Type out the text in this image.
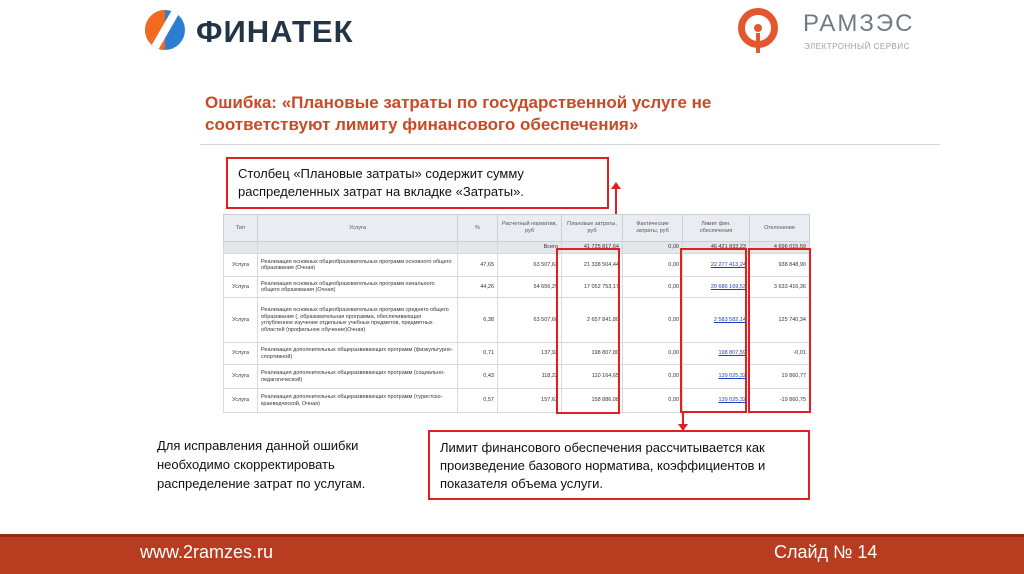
ФИНАТЕК	РАМЗЭС
ЭЛЕКТРОННЫЙ СЕРВИС
Ошибка: «Плановые затраты по государственной услуге не
соответствуют лимиту финансового обеспечения»
Столбец «Плановые затраты» содержит сумму распределенных затрат на вкладке «Затраты».
Тип	Услуга	%	Расчетный норматив, руб	Плановые затраты, руб	Фактические затраты, руб	Лимит фин. обеспечения	Отклонение
			Всего	41 725 817,64	0,00	46 421 833,23	4 696 015,59
Услуга	Реализация основных общеобразовательных программ основного общего образования (Очная)	47,65	63 507,63	21 338 504,44	0,00	22 277 413,24	938 848,90
Услуга	Реализация основных общеобразовательных программ начального общего образования (Очная)	44,26	54 656,29	17 052 753,17	0,00	20 686 169,53	3 633 416,36
Услуга	Реализация основных общеобразовательных программ среднего общего образования (, образовательная программа, обеспечивающая углубленное изучение отдельных учебных предметов, предметных областей (профильное обучение)Очная)	6,38	63 507,60	2 657 841,80	0,00	2 583 582,14	125 740,34
Услуга	Реализация дополнительных общеразвивающих программ (физкультурно-спортивной)	0,71	137,92	198 807,80	0,00	198 807,59	-0,01
Услуга	Реализация дополнительных общеразвивающих программ (социально-педагогической)	0,43	118,22	110 164,65	0,00	139 025,32	19 860,77
Услуга	Реализация дополнительных общеразвивающих программ (туристско-краеведческой, Очная)	0,57	157,63	158 886,08	0,00	139 025,32	-19 860,75
Для исправления данной ошибки необходимо скорректировать распределение затрат по услугам.
Лимит финансового обеспечения рассчитывается как произведение базового норматива, коэффициентов и показателя объема услуги.
www.2ramzes.ru	Слайд № 14
